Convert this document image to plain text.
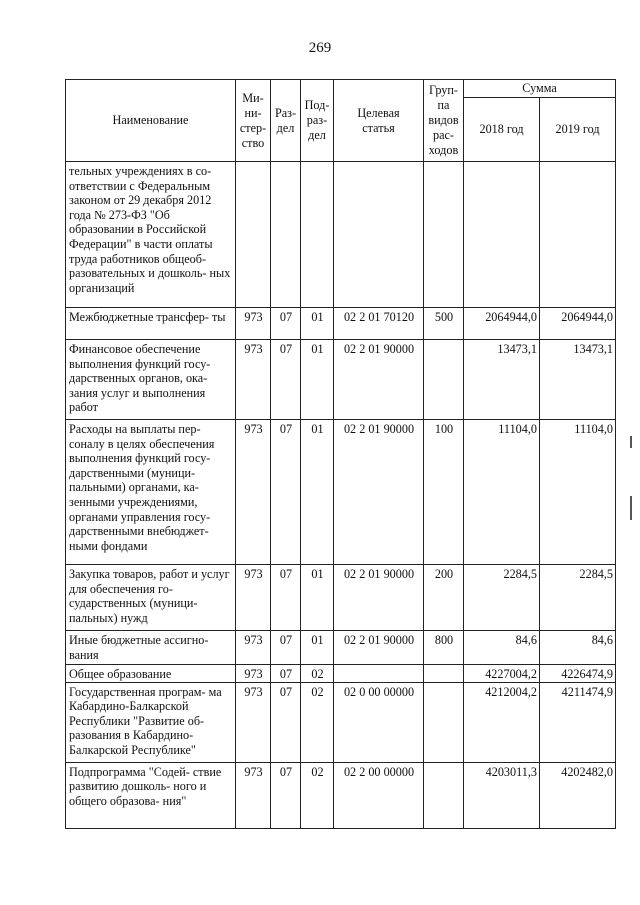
269
Наименование	Ми-
ни-
стер-
ство	Раз-
дел	Под-
раз-
дел	Целевая
статья	Груп-
па
видов
рас-
ходов	Сумма	
						2018 год	2019 год
тельных учреждениях в со- ответствии с Федеральным законом от 29 декабря 2012 года № 273-ФЗ "Об образовании в Российской Федерации" в части оплаты труда работников общеоб- разовательных и дошколь- ных организаций							
Межбюджетные трансфер- ты	973	07	01	02 2 01 70120	500	2064944,0	2064944,0
Финансовое обеспечение выполнения функций госу- дарственных органов, ока- зания услуг и выполнения работ	973	07	01	02 2 01 90000		13473,1	13473,1
Расходы на выплаты пер- соналу в целях обеспечения выполнения функций госу- дарственными (муници- пальными) органами, ка- зенными учреждениями, органами управления госу- дарственными внебюджет- ными фондами	973	07	01	02 2 01 90000	100	11104,0	11104,0
Закупка товаров, работ и услуг для обеспечения го- сударственных (муници- пальных) нужд	973	07	01	02 2 01 90000	200	2284,5	2284,5
Иные бюджетные ассигно- вания	973	07	01	02 2 01 90000	800	84,6	84,6
Общее образование	973	07	02			4227004,2	4226474,9
Государственная програм- ма Кабардино-Балкарской Республики "Развитие об- разования в Кабардино- Балкарской Республике"	973	07	02	02 0 00 00000		4212004,2	4211474,9
Подпрограмма "Содей- ствие развитию дошколь- ного и общего образова- ния"	973	07	02	02 2 00 00000		4203011,3	4202482,0
